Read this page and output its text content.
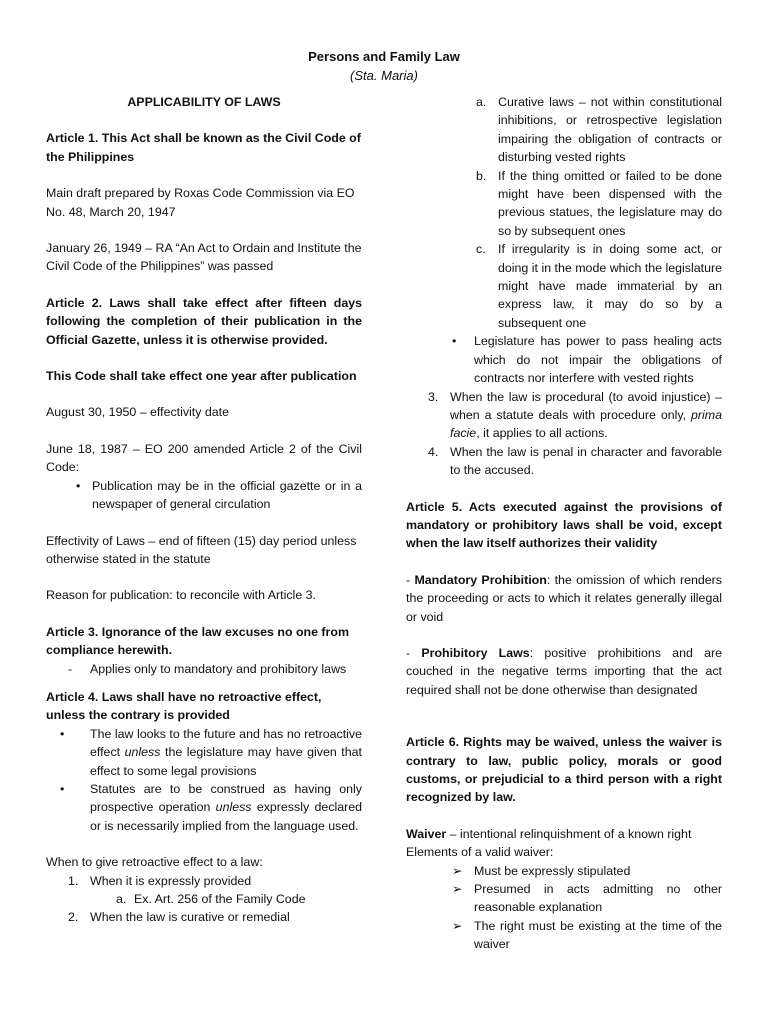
Persons and Family Law
(Sta. Maria)

APPLICABILITY OF LAWS

Article 1. This Act shall be known as the Civil Code of the Philippines

Main draft prepared by Roxas Code Commission via EO No. 48, March 20, 1947

January 26, 1949 – RA “An Act to Ordain and Institute the Civil Code of the Philippines” was passed

Article 2. Laws shall take effect after fifteen days following the completion of their publication in the Official Gazette, unless it is otherwise provided.

This Code shall take effect one year after publication

August 30, 1950 – effectivity date

June 18, 1987 – EO 200 amended Article 2 of the Civil Code:

• Publication may be in the official gazette or in a newspaper of general circulation

Effectivity of Laws – end of fifteen (15) day period unless otherwise stated in the statute

Reason for publication: to reconcile with Article 3.

Article 3. Ignorance of the law excuses no one from compliance herewith.

-	Applies only to mandatory and prohibitory laws

Article 4. Laws shall have no retroactive effect, unless the contrary is provided

•	The law looks to the future and has no retroactive effect unless the legislature may have given that effect to some legal provisions
•	Statutes are to be construed as having only prospective operation unless expressly declared or is necessarily implied from the language used.

When to give retroactive effect to a law:

1. When it is expressly provided
a. Ex. Art. 256 of the Family Code
2. When the law is curative or remedial
a. Curative laws – not within constitutional inhibitions, or retrospective legislation impairing the obligation of contracts or disturbing vested rights
b. If the thing omitted or failed to be done might have been dispensed with the previous statues, the legislature may do so by subsequent ones
c. If irregularity is in doing some act, or doing it in the mode which the legislature might have made immaterial by an express law, it may do so by a subsequent one
•	Legislature has power to pass healing acts which do not impair the obligations of contracts nor interfere with vested rights
3. When the law is procedural (to avoid injustice) – when a statute deals with procedure only, prima facie, it applies to all actions.
4. When the law is penal in character and favorable to the accused.

Article 5. Acts executed against the provisions of mandatory or prohibitory laws shall be void, except when the law itself authorizes their validity

- Mandatory Prohibition: the omission of which renders the proceeding or acts to which it relates generally illegal or void

- Prohibitory Laws: positive prohibitions and are couched in the negative terms importing that the act required shall not be done otherwise than designated

Article 6. Rights may be waived, unless the waiver is contrary to law, public policy, morals or good customs, or prejudicial to a third person with a right recognized by law.

Waiver – intentional relinquishment of a known right

Elements of a valid waiver:

➢ Must be expressly stipulated
➢ Presumed in acts admitting no other reasonable explanation
➢ The right must be existing at the time of the waiver
